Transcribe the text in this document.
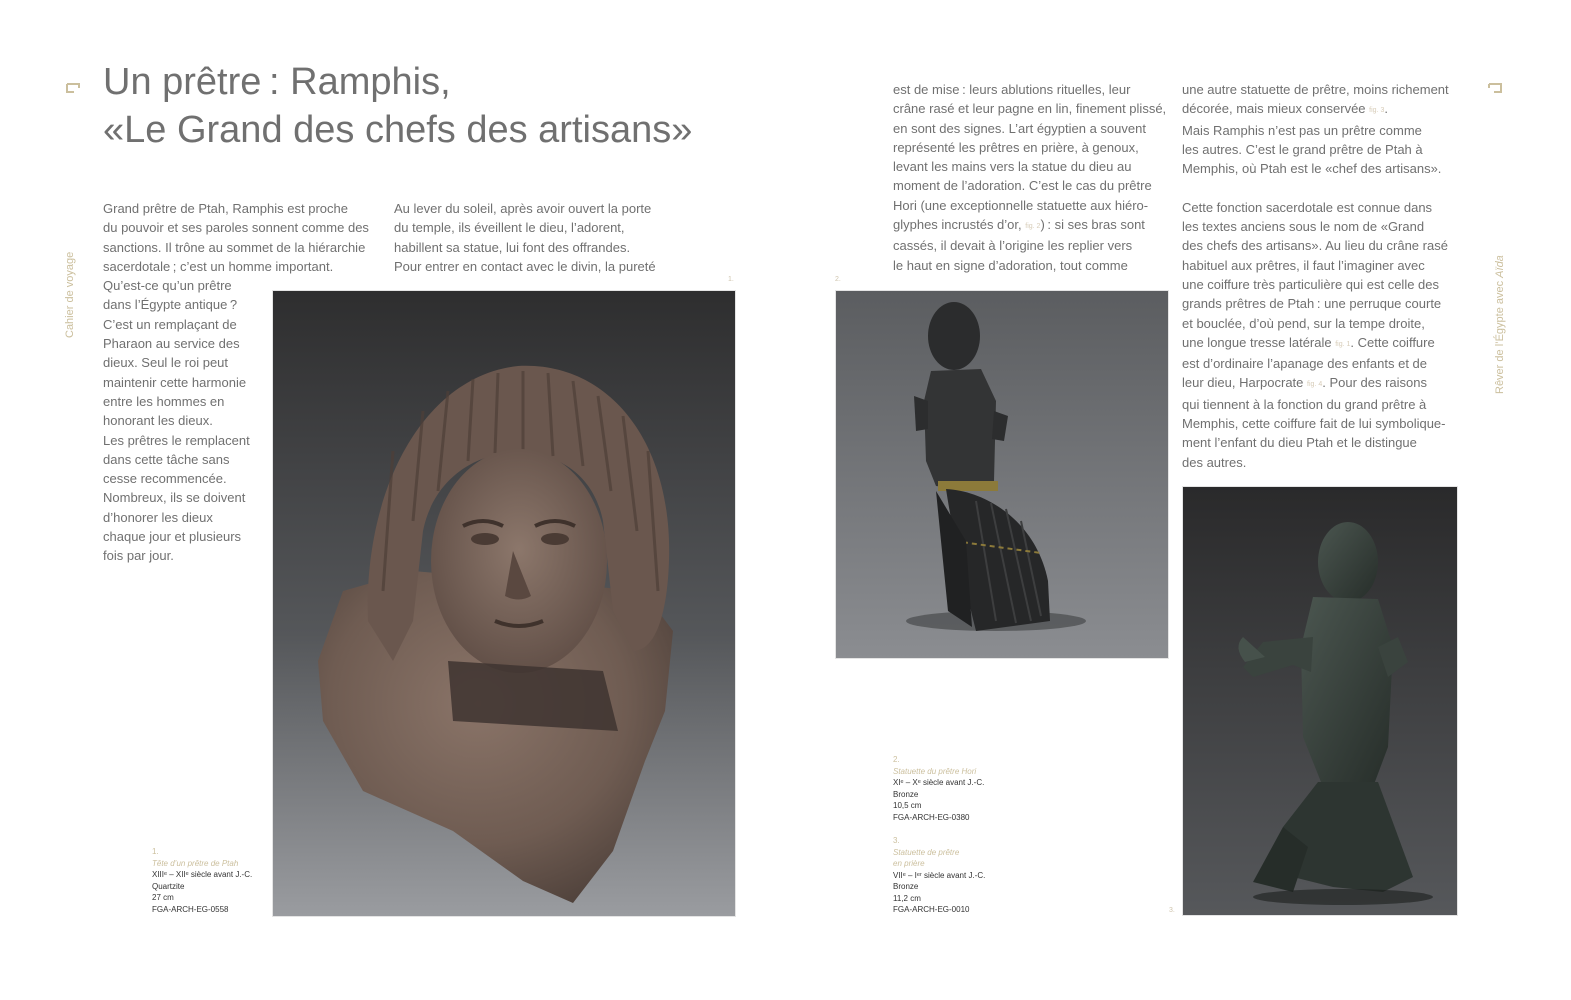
Cahier de voyage	Rêver de l’Égypte avec Aïda
Un prêtre : Ramphis,
«Le Grand des chefs des artisans»
Grand prêtre de Ptah, Ramphis est proche
du pouvoir et ses paroles sonnent comme des
sanctions. Il trône au sommet de la hiérarchie
sacerdotale ; c’est un homme important.
Qu’est-ce qu’un prêtre
dans l’Égypte antique ?
C’est un remplaçant de
Pharaon au service des
dieux. Seul le roi peut
maintenir cette harmonie
entre les hommes en
honorant les dieux.
Les prêtres le remplacent
dans cette tâche sans
cesse recommencée.
Nombreux, ils se doivent
d’honorer les dieux
chaque jour et plusieurs
fois par jour.
Au lever du soleil, après avoir ouvert la porte
du temple, ils éveillent le dieu, l’adorent,
habillent sa statue, lui font des offrandes.
Pour entrer en contact avec le divin, la pureté
est de mise : leurs ablutions rituelles, leur
crâne rasé et leur pagne en lin, finement plissé,
en sont des signes. L’art égyptien a souvent
représenté les prêtres en prière, à genoux,
levant les mains vers la statue du dieu au
moment de l’adoration. C’est le cas du prêtre
Hori (une exceptionnelle statuette aux hiéro-
glyphes incrustés d’or, fig. 2) : si ses bras sont
cassés, il devait à l’origine les replier vers
le haut en signe d’adoration, tout comme
une autre statuette de prêtre, moins richement
décorée, mais mieux conservée fig. 3.
Mais Ramphis n’est pas un prêtre comme
les autres. C’est le grand prêtre de Ptah à
Memphis, où Ptah est le «chef des artisans».

Cette fonction sacerdotale est connue dans
les textes anciens sous le nom de «Grand
des chefs des artisans». Au lieu du crâne rasé
habituel aux prêtres, il faut l’imaginer avec
une coiffure très particulière qui est celle des
grands prêtres de Ptah : une perruque courte
et bouclée, d’où pend, sur la tempe droite,
une longue tresse latérale fig. 1. Cette coiffure
est d’ordinaire l’apanage des enfants et de
leur dieu, Harpocrate fig. 4. Pour des raisons
qui tiennent à la fonction du grand prêtre à
Memphis, cette coiffure fait de lui symbolique-
ment l’enfant du dieu Ptah et le distingue
des autres.
1.	2.
3.
1.
Tête d’un prêtre de Ptah
XIIIᵉ – XIIᵉ siècle avant J.-C.
Quartzite
27 cm
FGA-ARCH-EG-0558
2.
Statuette du prêtre Hori
XIᵉ – Xᵉ siècle avant J.-C.
Bronze
10,5 cm
FGA-ARCH-EG-0380
3.
Statuette de prêtre
en prière
VIIᵉ – Iᵉʳ siècle avant J.-C.
Bronze
11,2 cm
FGA-ARCH-EG-0010
